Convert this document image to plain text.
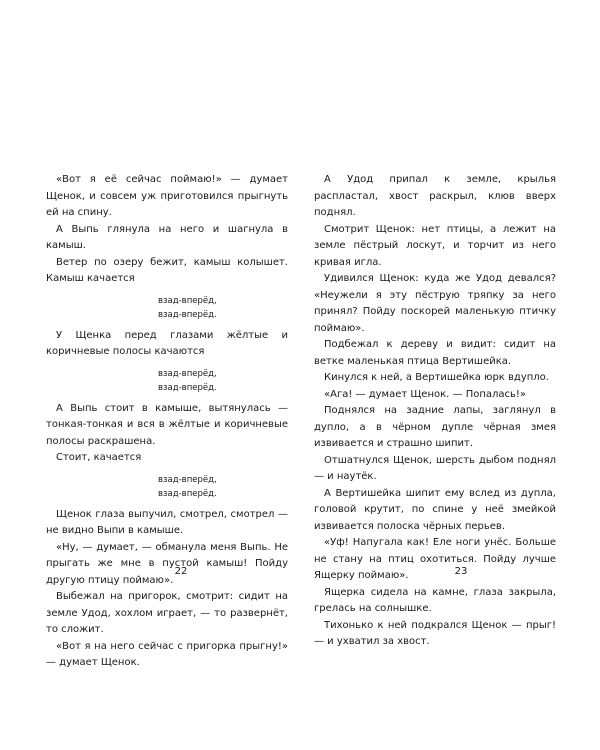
«Вот я её сейчас поймаю!» — думает Щенок, и совсем уж приготовился прыгнуть ей на спину.

А Выпь глянула на него и шагнула в камыш.

Ветер по озеру бежит, камыш колышет. Камыш качается

взад-вперёд,

взад-вперёд.

У Щенка перед глазами жёлтые и коричневые полосы качаются

взад-вперёд,

взад-вперёд.

А Выпь стоит в камыше, вытянулась — тонкая-тонкая и вся в жёлтые и коричневые полосы раскрашена.

Стоит, качается

взад-вперёд,

взад-вперёд.

Щенок глаза выпучил, смотрел, смотрел — не видно Выпи в камыше.

«Ну, — думает, — обманула меня Выпь. Не прыгать же мне в пустой камыш! Пойду другую птицу поймаю».

Выбежал на пригорок, смотрит: сидит на земле Удод, хохлом играет, — то развернёт, то сложит.

«Вот я на него сейчас с пригорка прыгну!» — думает Щенок.

А Удод припал к земле, крылья распластал, хвост раскрыл, клюв вверх поднял.

Смотрит Щенок: нет птицы, а лежит на земле пёстрый лоскут, и торчит из него кривая игла.

Удивился Щенок: куда же Удод девался? «Неужели я эту пёструю тряпку за него принял? Пойду поскорей маленькую птичку поймаю».

Подбежал к дереву и видит: сидит на ветке маленькая птица Вертишейка.

Кинулся к ней, а Вертишейка юрк вдупло.

«Ага! — думает Щенок. — Попалась!»

Поднялся на задние лапы, заглянул в дупло, а в чёрном дупле чёрная змея извивается и страшно шипит.

Отшатнулся Щенок, шерсть дыбом поднял — и наутёк.

А Вертишейка шипит ему вслед из дупла, головой крутит, по спине у неё змейкой извивается полоска чёрных перьев.

«Уф! Напугала как! Еле ноги унёс. Больше не стану на птиц охотиться. Пойду лучше Ящерку поймаю».

Ящерка сидела на камне, глаза закрыла, грелась на солнышке.

Тихонько к ней подкрался Щенок — прыг! — и ухватил за хвост.

22	23
